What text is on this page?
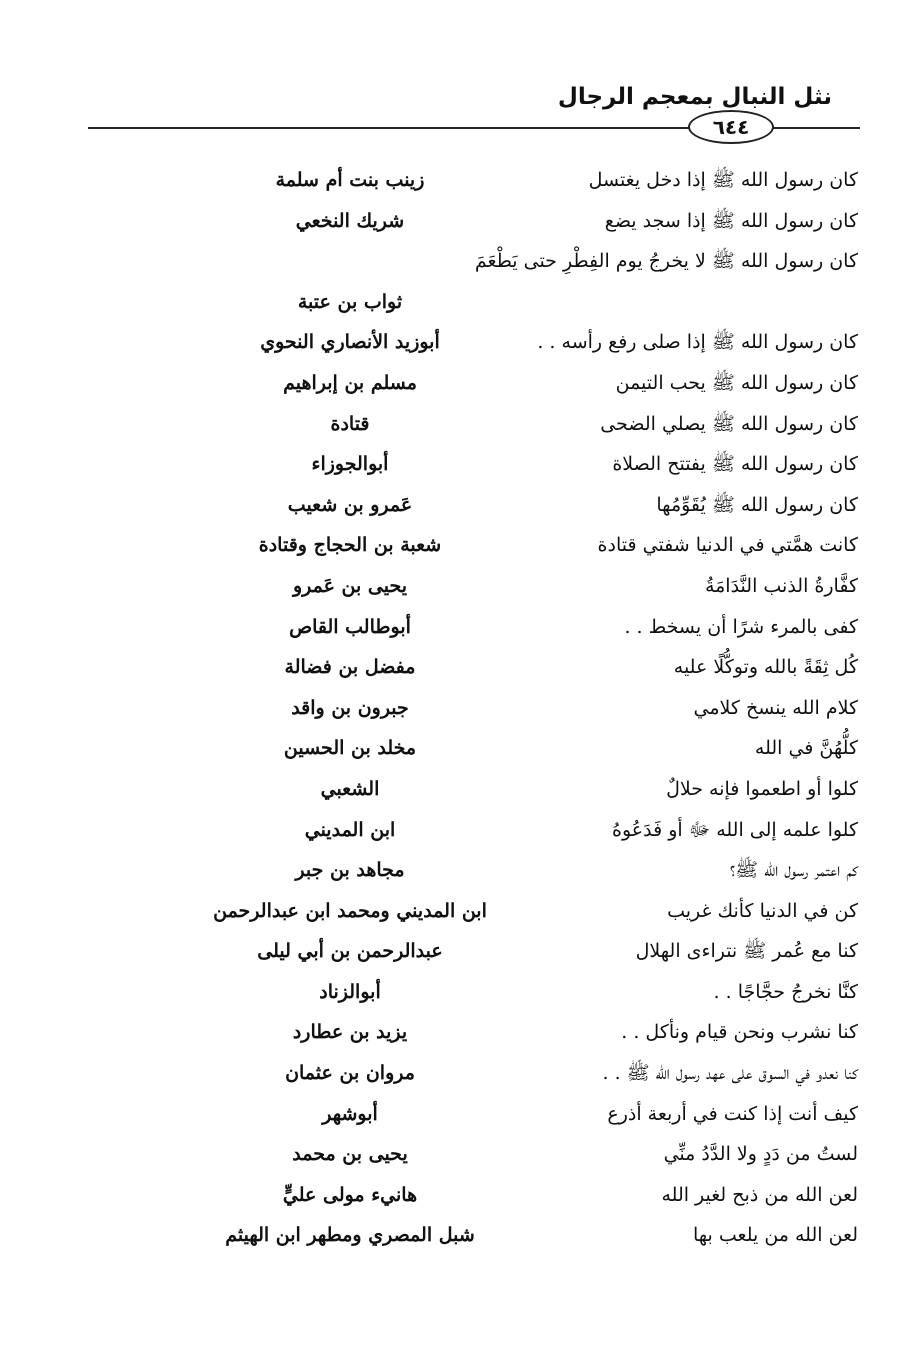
نثل النبال بمعجم الرجال
٦٤٤
كان رسول الله ﷺ إذا دخل يغتسل
زينب بنت أم سلمة
كان رسول الله ﷺ إذا سجد يضع
شريك النخعي
كان رسول الله ﷺ لا يخرجُ يوم الفِطْرِ حتى يَطْعَمَ
ثواب بن عتبة
كان رسول الله ﷺ إذا صلى رفع رأسه . .
أبوزيد الأنصاري النحوي
كان رسول الله ﷺ يحب التيمن
مسلم بن إبراهيم
كان رسول الله ﷺ يصلي الضحى
قتادة
كان رسول الله ﷺ يفتتح الصلاة
أبوالجوزاء
كان رسول الله ﷺ يُقَوِّمُها
عَمرو بن شعيب
كانت همَّتي في الدنيا شفتي قتادة
شعبة بن الحجاج وقتادة
كفَّارةُ الذنب النَّدَامَةُ
يحيى بن عَمرو
كفى بالمرء شرًا أن يسخط . .
أبوطالب القاص
كُل ثِقَةً بالله وتوكُّلًا عليه
مفضل بن فضالة
كلام الله ينسخ كلامي
جبرون بن واقد
كلُّهُنَّ في الله
مخلد بن الحسين
كلوا أو اطعموا فإنه حلالٌ
الشعبي
كلوا علمه إلى الله ﷻ أو فَدَعُوهُ
ابن المديني
كم اعتمر رسول الله ﷺ؟
مجاهد بن جبر
كن في الدنيا كأنك غريب
ابن المديني ومحمد ابن عبدالرحمن
كنا مع عُمر ﷺ نتراءى الهلال
عبدالرحمن بن أبي ليلى
كنَّا نخرجُ حجَّاجًا . .
أبوالزناد
كنا نشرب ونحن قيام ونأكل . .
يزيد بن عطارد
كنا نعدو في السوق على عهد رسول الله ﷺ . .
مروان بن عثمان
كيف أنت إذا كنت في أربعة أذرع
أبوشهر
لستُ من دَدٍ ولا الدَّدُ منِّي
يحيى بن محمد
لعن الله من ذبح لغير الله
هانيء مولى عليٍّ
لعن الله من يلعب بها
شبل المصري ومطهر ابن الهيثم
